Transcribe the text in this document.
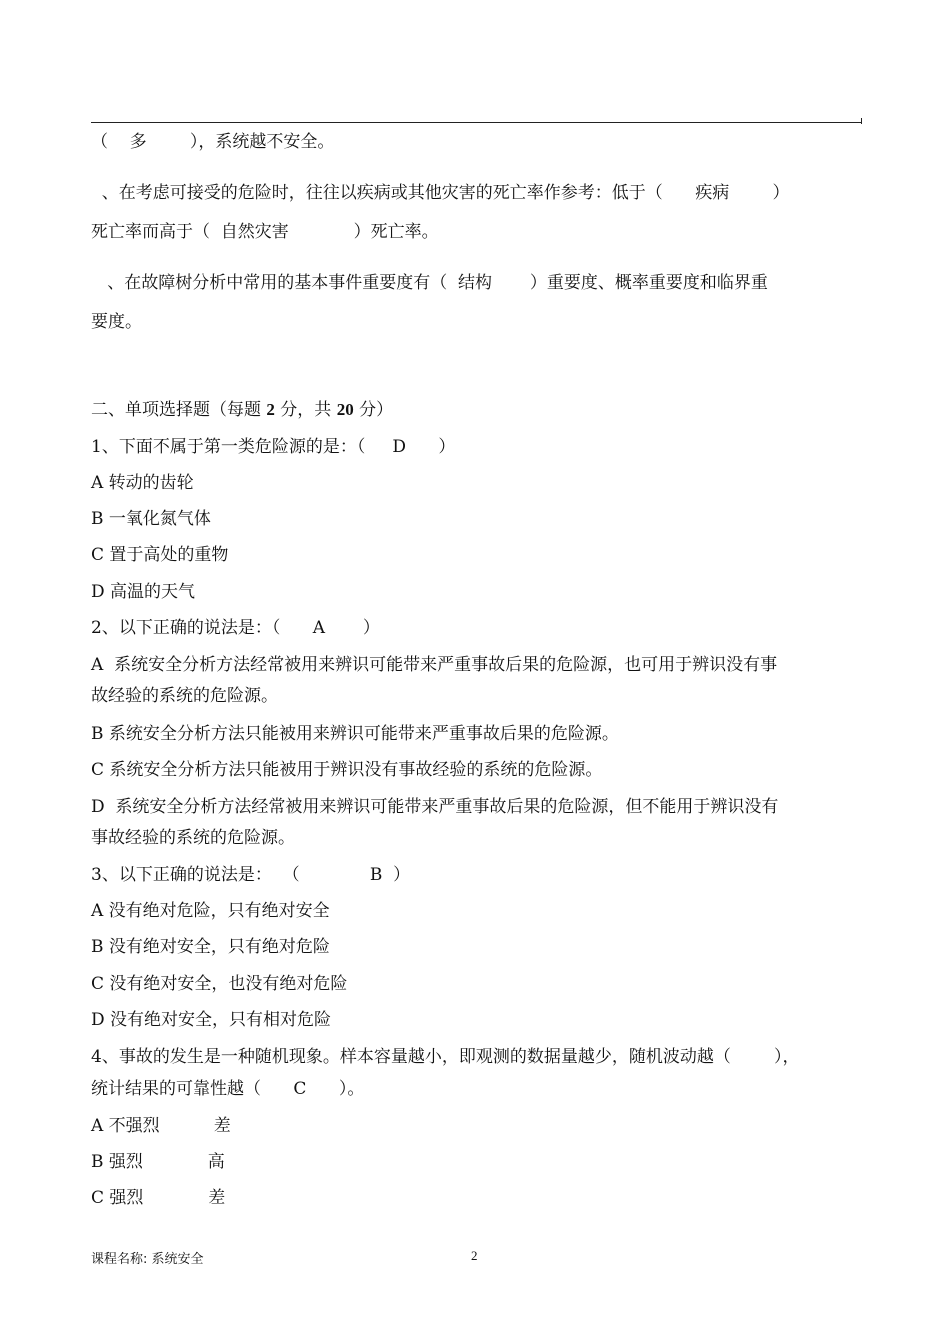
（    多        ），系统越不安全。
、在考虑可接受的危险时，往往以疾病或其他灾害的死亡率作参考：低于（      疾病        ）
死亡率而高于（  自然灾害            ）死亡率。
、在故障树分析中常用的基本事件重要度有（  结构       ）重要度、概率重要度和临界重
要度。
二、单项选择题（每题 2 分，共 20 分）
1、下面不属于第一类危险源的是：（     D      ）
A 转动的齿轮
B 一氧化氮气体
C 置于高处的重物
D 高温的天气
2、以下正确的说法是：（      A       ）
A  系统安全分析方法经常被用来辨识可能带来严重事故后果的危险源，也可用于辨识没有事
故经验的系统的危险源。
B 系统安全分析方法只能被用来辨识可能带来严重事故后果的危险源。
C 系统安全分析方法只能被用于辨识没有事故经验的系统的危险源。
D  系统安全分析方法经常被用来辨识可能带来严重事故后果的危险源，但不能用于辨识没有
事故经验的系统的危险源。
3、以下正确的说法是：  （             B  ）
A 没有绝对危险，只有绝对安全
B 没有绝对安全，只有绝对危险
C 没有绝对安全，也没有绝对危险
D 没有绝对安全，只有相对危险
4、事故的发生是一种随机现象。样本容量越小，即观测的数据量越少，随机波动越（        ），
统计结果的可靠性越（      C      ）。
A 不强烈          差
B 强烈            高
C 强烈            差
课程名称: 系统安全	2
